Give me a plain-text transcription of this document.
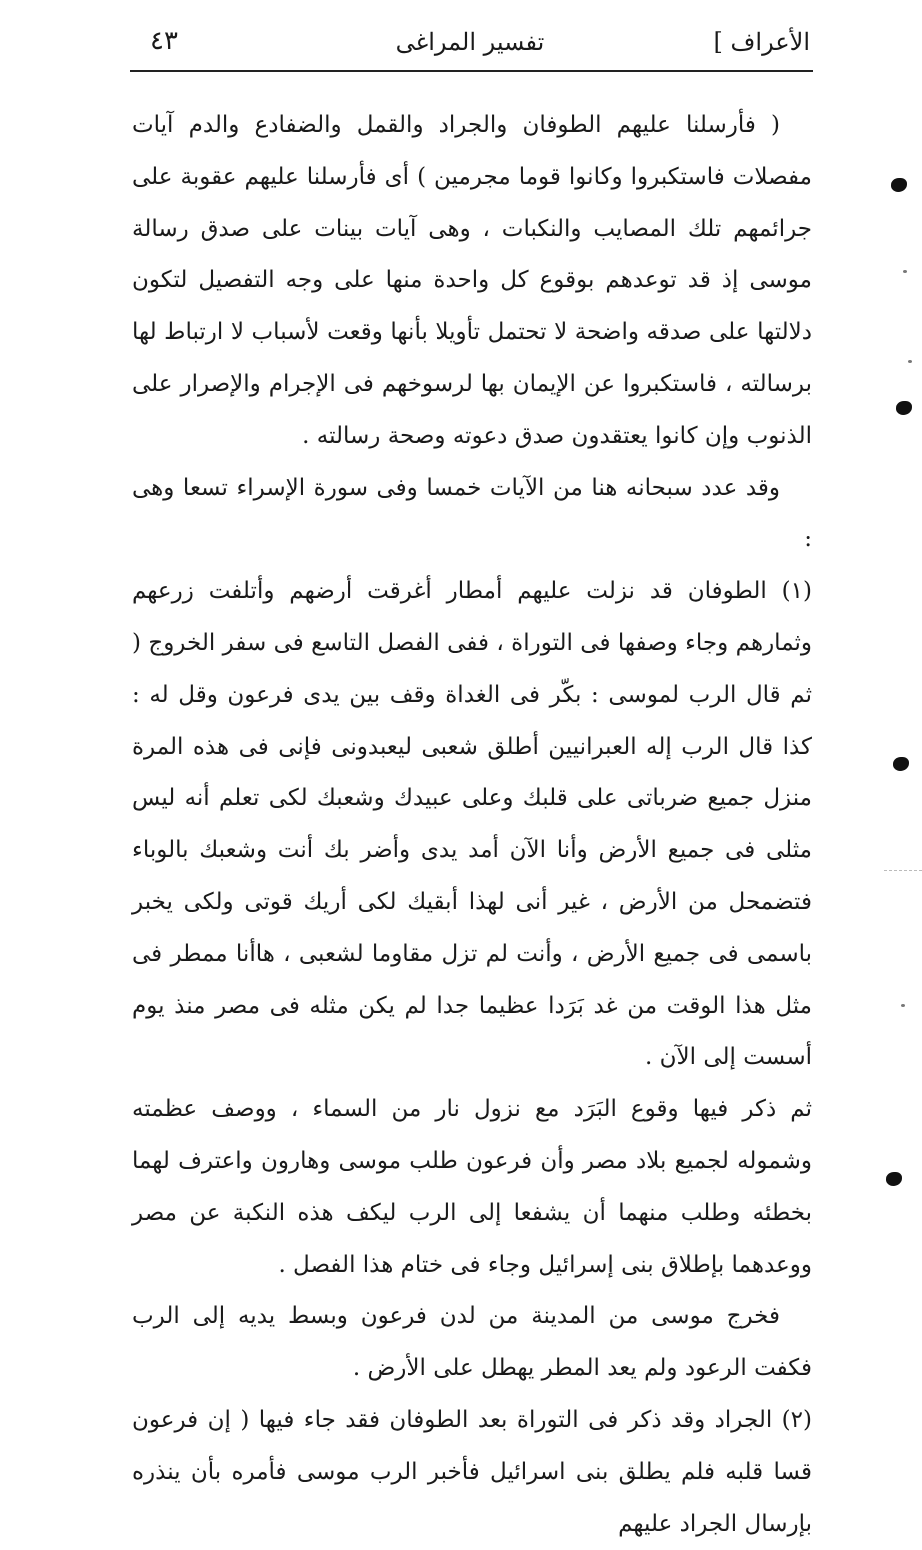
الأعراف ]
تفسير المراغى
٤٣

( فأرسلنا عليهم الطوفان والجراد والقمل والضفادع والدم آيات مفصلات فاستكبروا وكانوا قوما مجرمين ) أى فأرسلنا عليهم عقوبة على جرائمهم تلك المصايب والنكبات ، وهى آيات بينات على صدق رسالة موسى إذ قد توعدهم بوقوع كل واحدة منها على وجه التفصيل لتكون دلالتها على صدقه واضحة لا تحتمل تأويلا بأنها وقعت لأسباب لا ارتباط لها برسالته ، فاستكبروا عن الإيمان بها لرسوخهم فى الإجرام والإصرار على الذنوب وإن كانوا يعتقدون صدق دعوته وصحة رسالته .

وقد عدد سبحانه هنا من الآيات خمسا وفى سورة الإسراء تسعا وهى :

(١) الطوفان قد نزلت عليهم أمطار أغرقت أرضهم وأتلفت زرعهم وثمارهم وجاء وصفها فى التوراة ، ففى الفصل التاسع فى سفر الخروج ( ثم قال الرب لموسى : بكّر فى الغداة وقف بين يدى فرعون وقل له : كذا قال الرب إله العبرانيين أطلق شعبى ليعبدونى فإنى فى هذه المرة منزل جميع ضرباتى على قلبك وعلى عبيدك وشعبك لكى تعلم أنه ليس مثلى فى جميع الأرض وأنا الآن أمد يدى وأضر بك أنت وشعبك بالوباء فتضمحل من الأرض ، غير أنى لهذا أبقيك لكى أريك قوتى ولكى يخبر باسمى فى جميع الأرض ، وأنت لم تزل مقاوما لشعبى ، هاأنا ممطر فى مثل هذا الوقت من غد بَرَدا عظيما جدا لم يكن مثله فى مصر منذ يوم أسست إلى الآن .

ثم ذكر فيها وقوع البَرَد مع نزول نار من السماء ، ووصف عظمته وشموله لجميع بلاد مصر وأن فرعون طلب موسى وهارون واعترف لهما بخطئه وطلب منهما أن يشفعا إلى الرب ليكف هذه النكبة عن مصر ووعدهما بإطلاق بنى إسرائيل وجاء فى ختام هذا الفصل .

فخرج موسى من المدينة من لدن فرعون وبسط يديه إلى الرب فكفت الرعود ولم يعد المطر يهطل على الأرض .

(٢) الجراد وقد ذكر فى التوراة بعد الطوفان فقد جاء فيها ( إن فرعون قسا قلبه فلم يطلق بنى اسرائيل فأخبر الرب موسى فأمره بأن ينذره بإرسال الجراد عليهم
